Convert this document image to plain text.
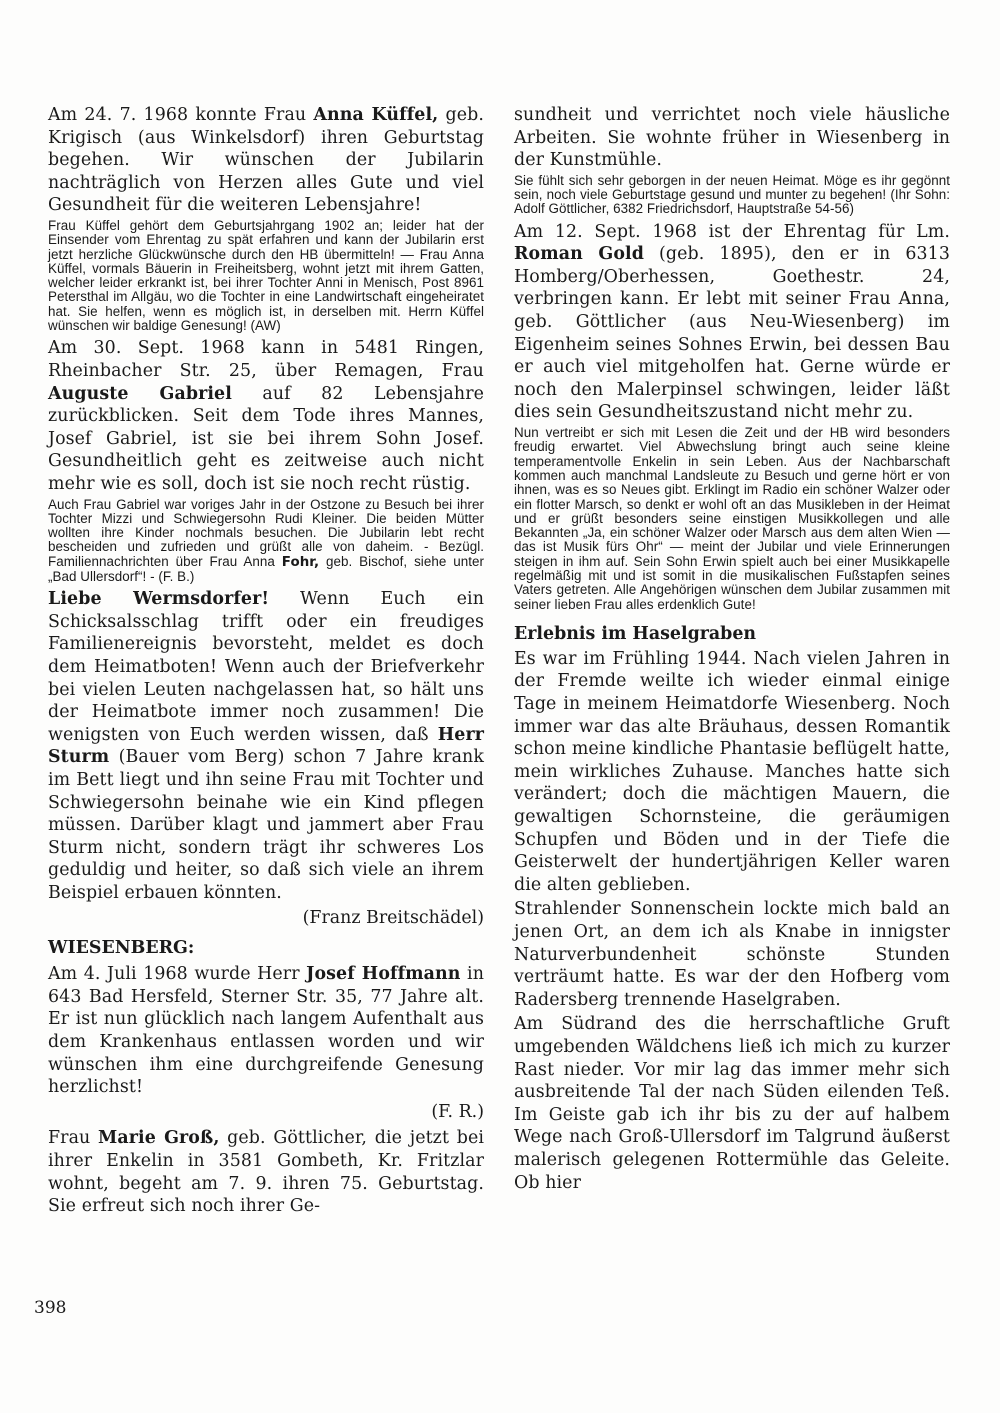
Am 24. 7. 1968 konnte Frau Anna Küffel, geb. Krigisch (aus Winkelsdorf) ihren Geburtstag begehen. Wir wünschen der Jubilarin nachträglich von Herzen alles Gute und viel Gesundheit für die weiteren Lebensjahre!

Frau Küffel gehört dem Geburtsjahrgang 1902 an; leider hat der Einsender vom Ehrentag zu spät erfahren und kann der Jubilarin erst jetzt herzliche Glückwünsche durch den HB übermitteln! — Frau Anna Küffel, vormals Bäuerin in Freiheitsberg, wohnt jetzt mit ihrem Gatten, welcher leider erkrankt ist, bei ihrer Tochter Anni in Menisch, Post 8961 Petersthal im Allgäu, wo die Tochter in eine Landwirtschaft eingeheiratet hat. Sie helfen, wenn es möglich ist, in derselben mit. Herrn Küffel wünschen wir baldige Genesung! (AW)

Am 30. Sept. 1968 kann in 5481 Ringen, Rheinbacher Str. 25, über Remagen, Frau Auguste Gabriel auf 82 Lebensjahre zurückblicken. Seit dem Tode ihres Mannes, Josef Gabriel, ist sie bei ihrem Sohn Josef. Gesundheitlich geht es zeitweise auch nicht mehr wie es soll, doch ist sie noch recht rüstig.

Auch Frau Gabriel war voriges Jahr in der Ostzone zu Besuch bei ihrer Tochter Mizzi und Schwiegersohn Rudi Kleiner. Die beiden Mütter wollten ihre Kinder nochmals besuchen. Die Jubilarin lebt recht bescheiden und zufrieden und grüßt alle von daheim. - Bezügl. Familiennachrichten über Frau Anna Fohr, geb. Bischof, siehe unter „Bad Ullersdorf“! - (F. B.)

Liebe Wermsdorfer! Wenn Euch ein Schicksalsschlag trifft oder ein freudiges Familienereignis bevorsteht, meldet es doch dem Heimatboten! Wenn auch der Briefverkehr bei vielen Leuten nachgelassen hat, so hält uns der Heimatbote immer noch zusammen! Die wenigsten von Euch werden wissen, daß Herr Sturm (Bauer vom Berg) schon 7 Jahre krank im Bett liegt und ihn seine Frau mit Tochter und Schwiegersohn beinahe wie ein Kind pflegen müssen. Darüber klagt und jammert aber Frau Sturm nicht, sondern trägt ihr schweres Los geduldig und heiter, so daß sich viele an ihrem Beispiel erbauen könnten.

(Franz Breitschädel)
WIESENBERG:

Am 4. Juli 1968 wurde Herr Josef Hoffmann in 643 Bad Hersfeld, Sterner Str. 35, 77 Jahre alt. Er ist nun glücklich nach langem Aufenthalt aus dem Krankenhaus entlassen worden und wir wünschen ihm eine durchgreifende Genesung herzlichst!

(F. R.)

Frau Marie Groß, geb. Göttlicher, die jetzt bei ihrer Enkelin in 3581 Gombeth, Kr. Fritzlar wohnt, begeht am 7. 9. ihren 75. Geburtstag. Sie erfreut sich noch ihrer Ge-

sundheit und verrichtet noch viele häusliche Arbeiten. Sie wohnte früher in Wiesenberg in der Kunstmühle.

Sie fühlt sich sehr geborgen in der neuen Heimat. Möge es ihr gegönnt sein, noch viele Geburtstage gesund und munter zu begehen! (Ihr Sohn: Adolf Göttlicher, 6382 Friedrichsdorf, Hauptstraße 54-56)

Am 12. Sept. 1968 ist der Ehrentag für Lm. Roman Gold (geb. 1895), den er in 6313 Homberg/Oberhessen, Goethestr. 24, verbringen kann. Er lebt mit seiner Frau Anna, geb. Göttlicher (aus Neu-Wiesenberg) im Eigenheim seines Sohnes Erwin, bei dessen Bau er auch viel mitgeholfen hat. Gerne würde er noch den Malerpinsel schwingen, leider läßt dies sein Gesundheitszustand nicht mehr zu.

Nun vertreibt er sich mit Lesen die Zeit und der HB wird besonders freudig erwartet. Viel Abwechslung bringt auch seine kleine temperamentvolle Enkelin in sein Leben. Aus der Nachbarschaft kommen auch manchmal Landsleute zu Besuch und gerne hört er von ihnen, was es so Neues gibt. Erklingt im Radio ein schöner Walzer oder ein flotter Marsch, so denkt er wohl oft an das Musikleben in der Heimat und er grüßt besonders seine einstigen Musikkollegen und alle Bekannten „Ja, ein schöner Walzer oder Marsch aus dem alten Wien — das ist Musik fürs Ohr“ — meint der Jubilar und viele Erinnerungen steigen in ihm auf. Sein Sohn Erwin spielt auch bei einer Musikkapelle regelmäßig mit und ist somit in die musikalischen Fußstapfen seines Vaters getreten. Alle Angehörigen wünschen dem Jubilar zusammen mit seiner lieben Frau alles erdenklich Gute!

Erlebnis im Haselgraben

Es war im Frühling 1944. Nach vielen Jahren in der Fremde weilte ich wieder einmal einige Tage in meinem Heimatdorfe Wiesenberg. Noch immer war das alte Bräuhaus, dessen Romantik schon meine kindliche Phantasie beflügelt hatte, mein wirkliches Zuhause. Manches hatte sich verändert; doch die mächtigen Mauern, die gewaltigen Schornsteine, die geräumigen Schupfen und Böden und in der Tiefe die Geisterwelt der hundertjährigen Keller waren die alten geblieben.

Strahlender Sonnenschein lockte mich bald an jenen Ort, an dem ich als Knabe in innigster Naturverbundenheit schönste Stunden verträumt hatte. Es war der den Hofberg vom Radersberg trennende Haselgraben.

Am Südrand des die herrschaftliche Gruft umgebenden Wäldchens ließ ich mich zu kurzer Rast nieder. Vor mir lag das immer mehr sich ausbreitende Tal der nach Süden eilenden Teß. Im Geiste gab ich ihr bis zu der auf halbem Wege nach Groß-Ullersdorf im Talgrund äußerst malerisch gelegenen Rottermühle das Geleite. Ob hier

398
